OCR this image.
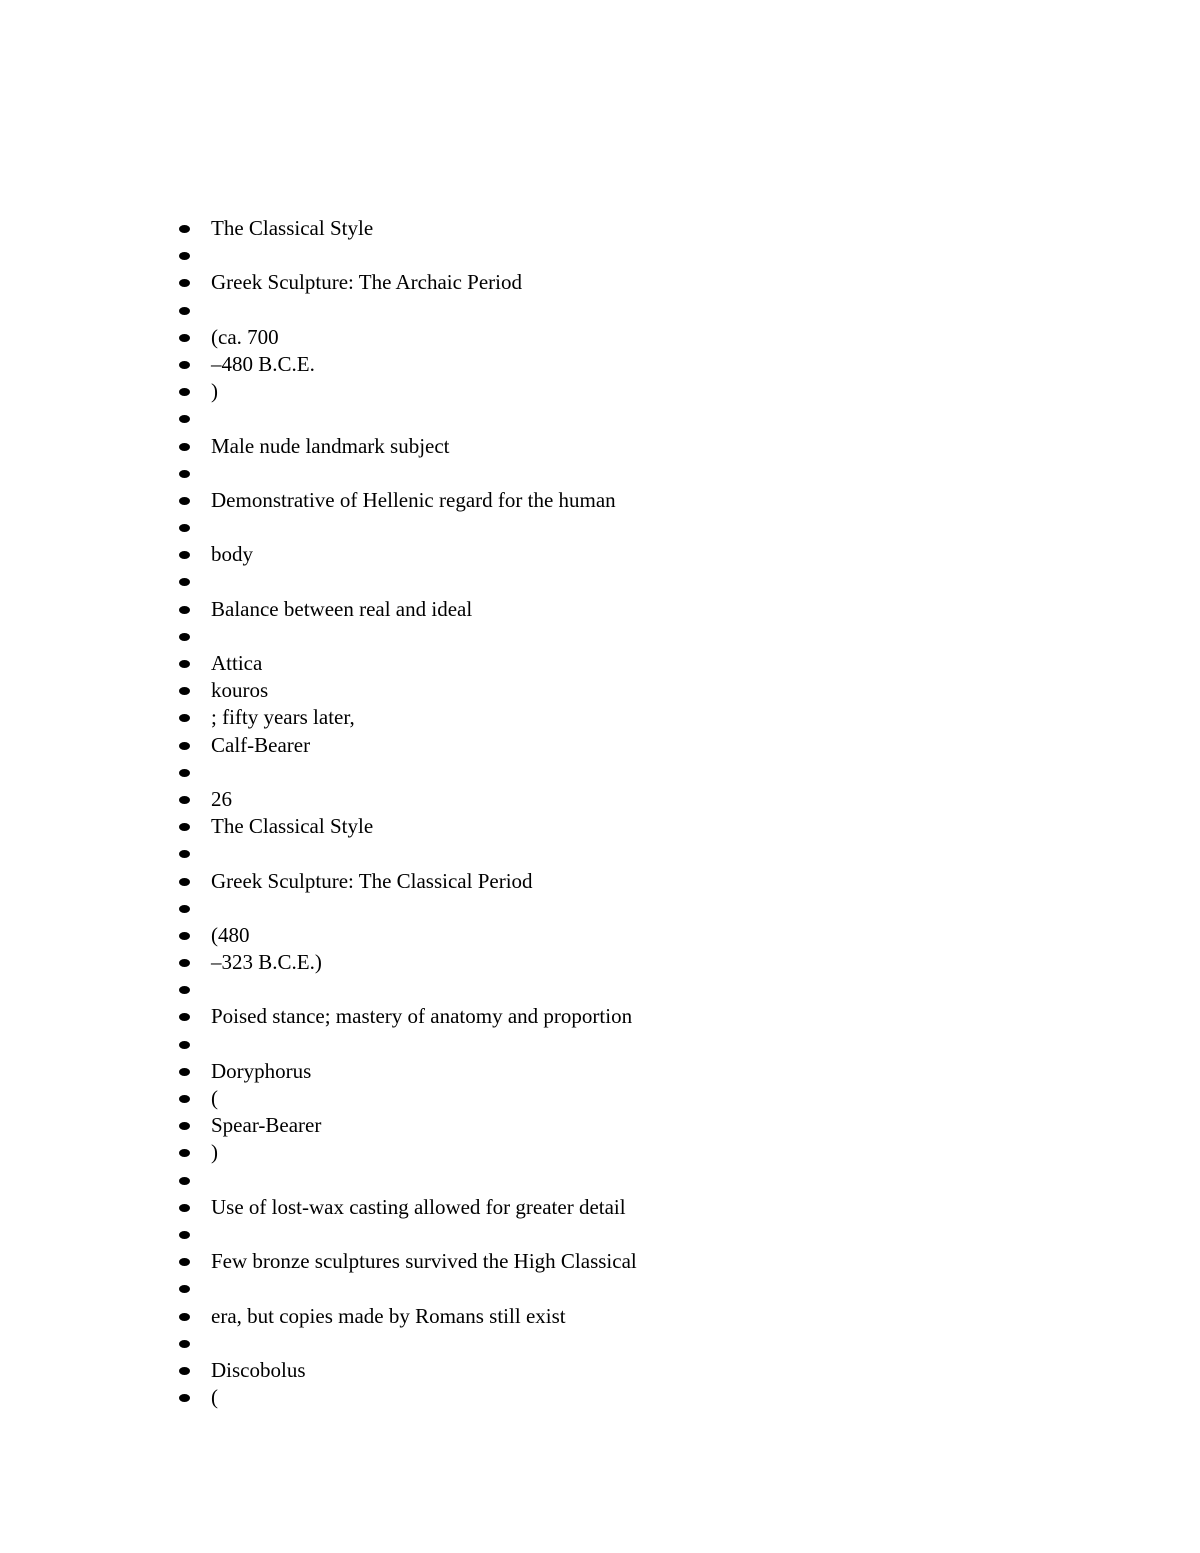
The Classical Style
Greek Sculpture: The Archaic Period
(ca. 700
–480 B.C.E.
)
Male nude landmark subject
Demonstrative of Hellenic regard for the human
body
Balance between real and ideal
Attica
kouros
; fifty years later,
Calf-Bearer
26
The Classical Style
Greek Sculpture: The Classical Period
(480
–323 B.C.E.)
Poised stance; mastery of anatomy and proportion
Doryphorus
(
Spear-Bearer
)
Use of lost-wax casting allowed for greater detail
Few bronze sculptures survived the High Classical
era, but copies made by Romans still exist
Discobolus
(
